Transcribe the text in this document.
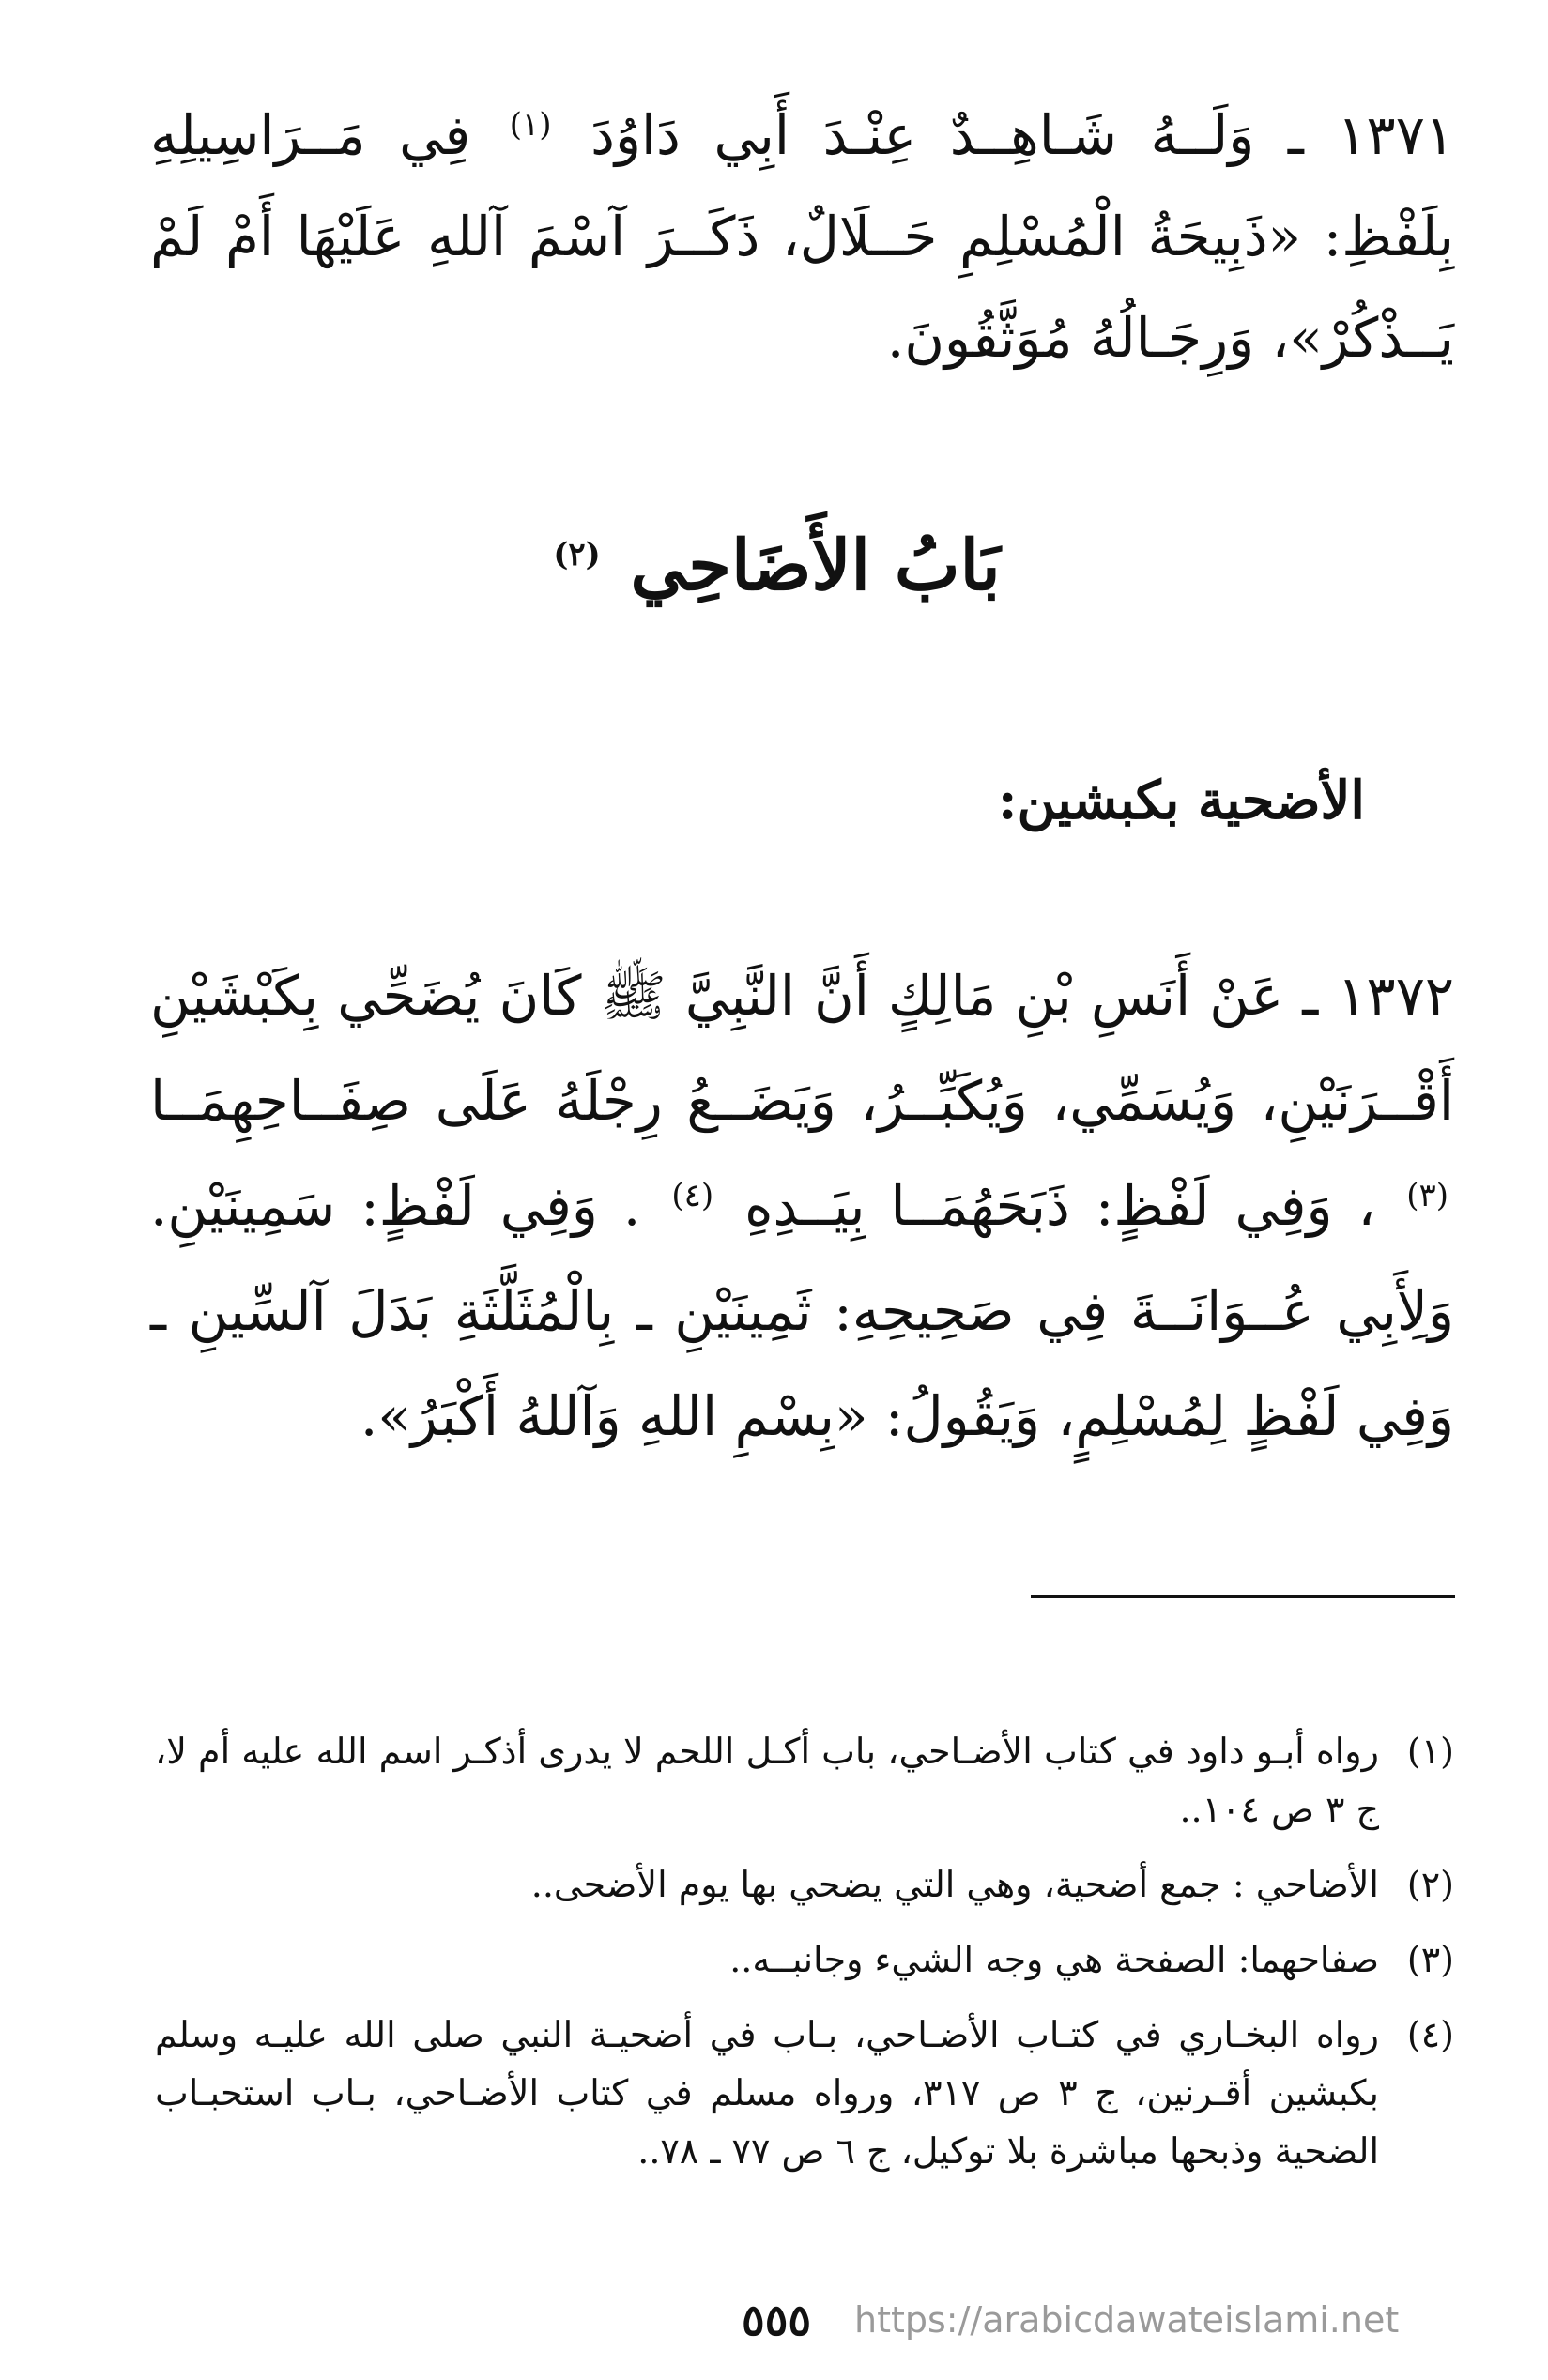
١٣٧١ ـ وَلَــهُ شَـاهِــدٌ عِنْـدَ أَبِي دَاوُدَ $^{(١)}$ فِي مَــرَاسِيلِهِ بِلَفْظِ: «ذَبِيحَةُ الْمُسْلِمِ حَــلَالٌ، ذَكَــرَ آسْمَ آللهِ عَلَيْهَا أَمْ لَمْ يَــذْكُرْ»، وَرِجَـالُهُ مُوَثَّقُونَ.
بَابُ الأَضَاحِي $^{(٢)}$
الأضحية بكبشين:
١٣٧٢ ـ عَنْ أَنَسِ بْنِ مَالِكٍ أَنَّ النَّبِيَّ ﷺ كَانَ يُضَحِّي بِكَبْشَيْنِ أَقْــرَنَيْنِ، وَيُسَمِّي، وَيُكَبِّــرُ، وَيَضَــعُ رِجْلَهُ عَلَى صِفَــاحِهِمَــا $^{(٣)}$ ، وَفِي لَفْظٍ: ذَبَحَهُمَــا بِيَــدِهِ $^{(٤)}$ . وَفِي لَفْظٍ: سَمِينَيْنِ. وَلِأَبِي عُــوَانَــةَ فِي صَحِيحِهِ: ثَمِينَيْنِ ـ بِالْمُثَلَّثَةِ بَدَلَ آلسِّينِ ـ وَفِي لَفْظٍ لِمُسْلِمٍ، وَيَقُولُ: «بِسْمِ اللهِ وَآللهُ أَكْبَرُ».
(١)
رواه أبـو داود في كتاب الأضـاحي، باب أكـل اللحم لا يدرى أذكـر اسم الله عليه أم لا، ج ٣ ص ١٠٤..
(٢)
الأضاحي : جمع أضحية، وهي التي يضحي بها يوم الأضحى..
(٣)
صفاحهما: الصفحة هي وجه الشيء وجانبــه..
(٤)
رواه البخـاري في كتـاب الأضـاحي، بـاب في أضحيـة النبي صلى الله عليـه وسلم بكبشين أقـرنين، ج ٣ ص ٣١٧، ورواه مسلم في كتاب الأضـاحي، بـاب استحبـاب الضحية وذبحها مباشرة بلا توكيل، ج ٦ ص ٧٧ ـ ٧٨..
٥٥٥ https://arabicdawateislami.net
